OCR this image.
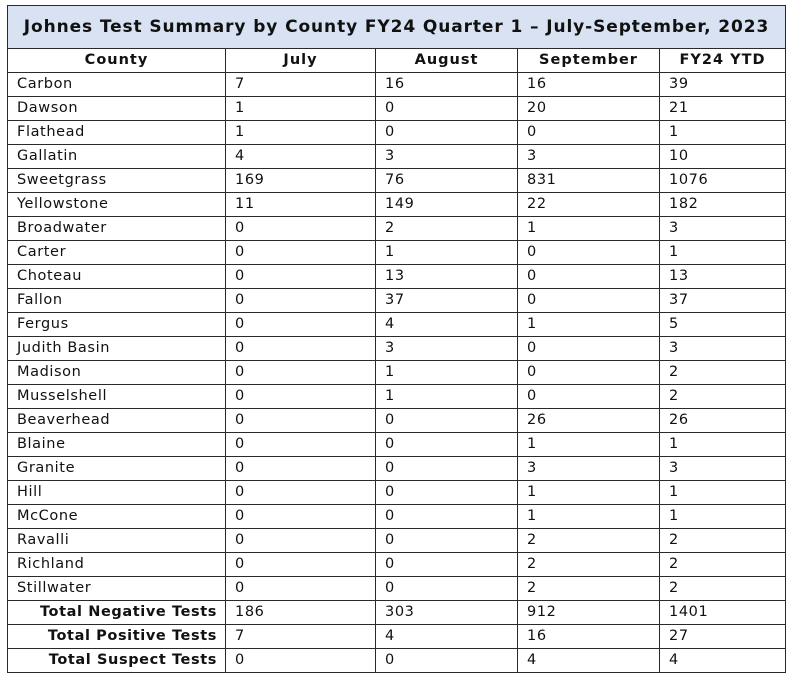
Johnes Test Summary by County FY24 Quarter 1 – July-September, 2023				
County	July	August	September	FY24 YTD
Carbon	7	16	16	39
Dawson	1	0	20	21
Flathead	1	0	0	1
Gallatin	4	3	3	10
Sweetgrass	169	76	831	1076
Yellowstone	11	149	22	182
Broadwater	0	2	1	3
Carter	0	1	0	1
Choteau	0	13	0	13
Fallon	0	37	0	37
Fergus	0	4	1	5
Judith Basin	0	3	0	3
Madison	0	1	0	2
Musselshell	0	1	0	2
Beaverhead	0	0	26	26
Blaine	0	0	1	1
Granite	0	0	3	3
Hill	0	0	1	1
McCone	0	0	1	1
Ravalli	0	0	2	2
Richland	0	0	2	2
Stillwater	0	0	2	2
Total Negative Tests	186	303	912	1401
Total Positive Tests	7	4	16	27
Total Suspect Tests	0	0	4	4
